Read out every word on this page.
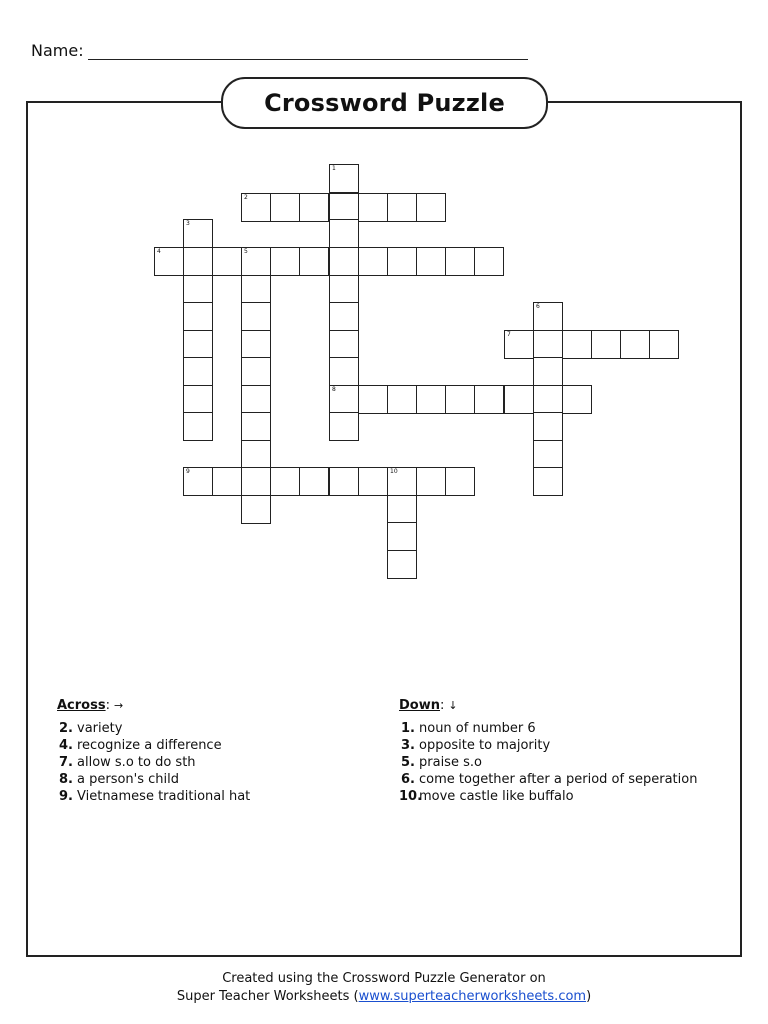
Name:
Crossword Puzzle
1
2
3
4	5
6
7
8
9	10
Across: →
2. variety
4. recognize a difference
7. allow s.o to do sth
8. a person's child
9. Vietnamese traditional hat
Down: ↓
1. noun of number 6
3. opposite to majority
5. praise s.o
6. come together after a period of seperation
10.move castle like buffalo
Created using the Crossword Puzzle Generator on
Super Teacher Worksheets (www.superteacherworksheets.com)
